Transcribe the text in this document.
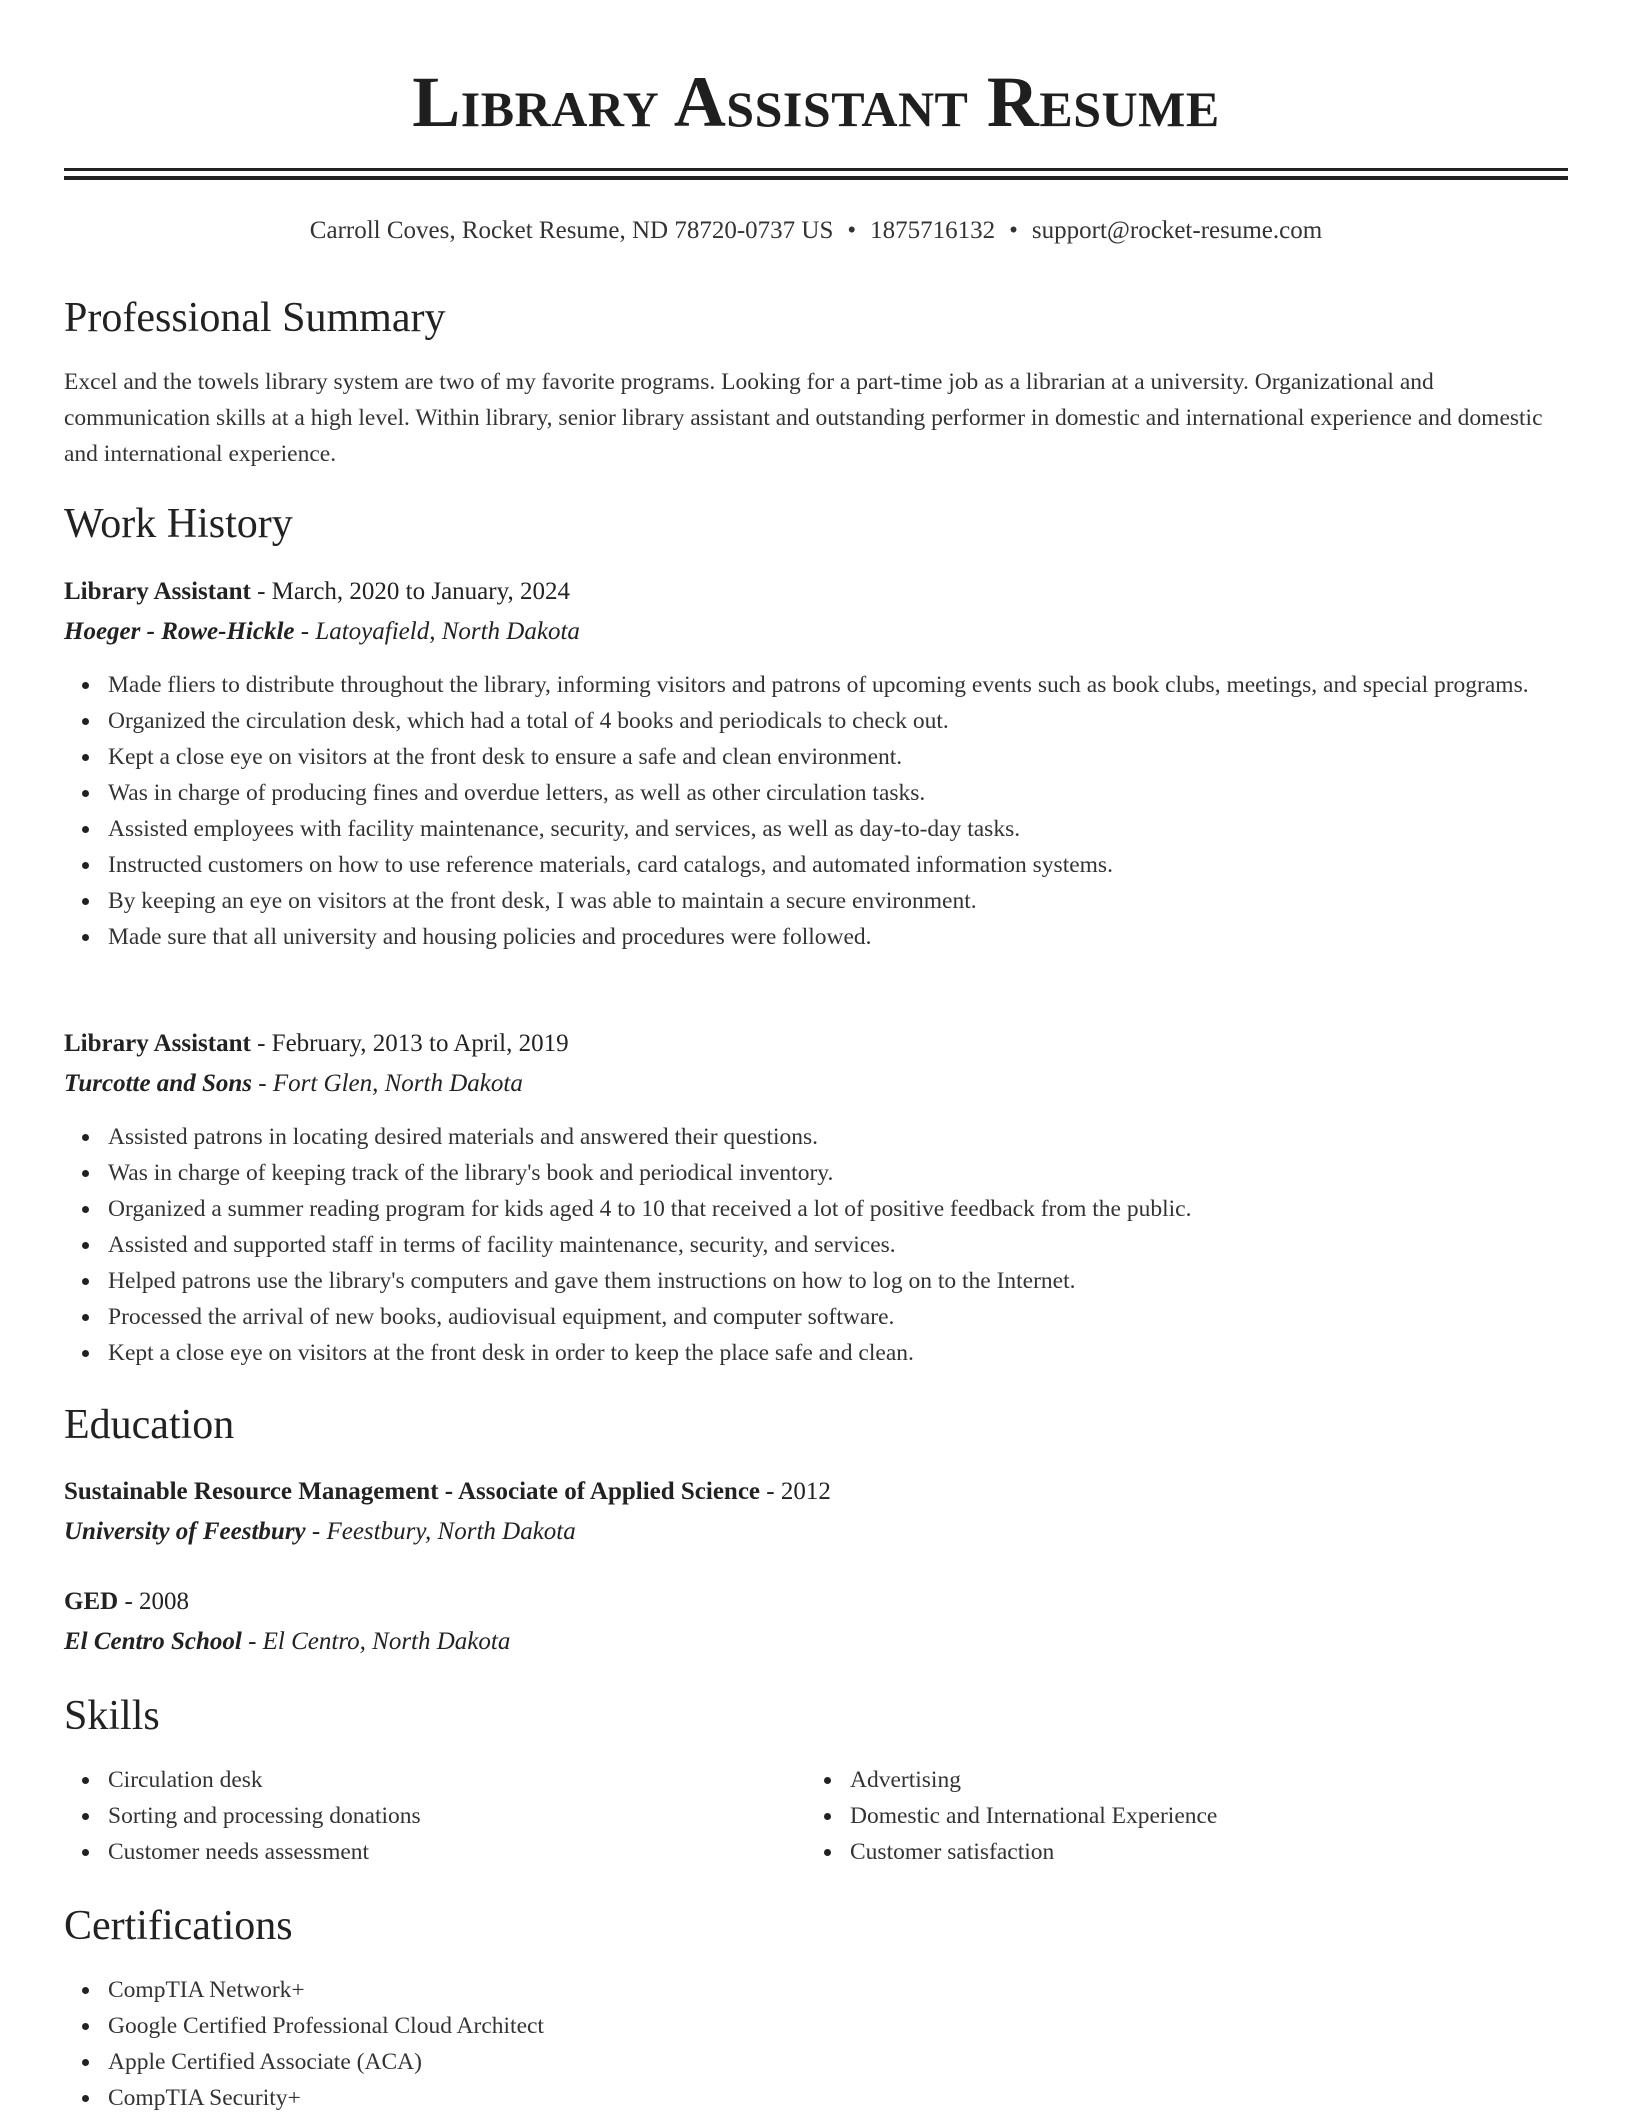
Library Assistant Resume
Carroll Coves, Rocket Resume, ND 78720-0737 US • 1875716132 • support@rocket-resume.com
Professional Summary
Excel and the towels library system are two of my favorite programs. Looking for a part-time job as a librarian at a university. Organizational and communication skills at a high level. Within library, senior library assistant and outstanding performer in domestic and international experience and domestic and international experience.
Work History
Library Assistant - March, 2020 to January, 2024
Hoeger - Rowe-Hickle - Latoyafield, North Dakota
Made fliers to distribute throughout the library, informing visitors and patrons of upcoming events such as book clubs, meetings, and special programs.
Organized the circulation desk, which had a total of 4 books and periodicals to check out.
Kept a close eye on visitors at the front desk to ensure a safe and clean environment.
Was in charge of producing fines and overdue letters, as well as other circulation tasks.
Assisted employees with facility maintenance, security, and services, as well as day-to-day tasks.
Instructed customers on how to use reference materials, card catalogs, and automated information systems.
By keeping an eye on visitors at the front desk, I was able to maintain a secure environment.
Made sure that all university and housing policies and procedures were followed.
Library Assistant - February, 2013 to April, 2019
Turcotte and Sons - Fort Glen, North Dakota
Assisted patrons in locating desired materials and answered their questions.
Was in charge of keeping track of the library's book and periodical inventory.
Organized a summer reading program for kids aged 4 to 10 that received a lot of positive feedback from the public.
Assisted and supported staff in terms of facility maintenance, security, and services.
Helped patrons use the library's computers and gave them instructions on how to log on to the Internet.
Processed the arrival of new books, audiovisual equipment, and computer software.
Kept a close eye on visitors at the front desk in order to keep the place safe and clean.
Education
Sustainable Resource Management - Associate of Applied Science - 2012
University of Feestbury - Feestbury, North Dakota
GED - 2008
El Centro School - El Centro, North Dakota
Skills
Circulation desk
Sorting and processing donations
Customer needs assessment
Advertising
Domestic and International Experience
Customer satisfaction
Certifications
CompTIA Network+
Google Certified Professional Cloud Architect
Apple Certified Associate (ACA)
CompTIA Security+
